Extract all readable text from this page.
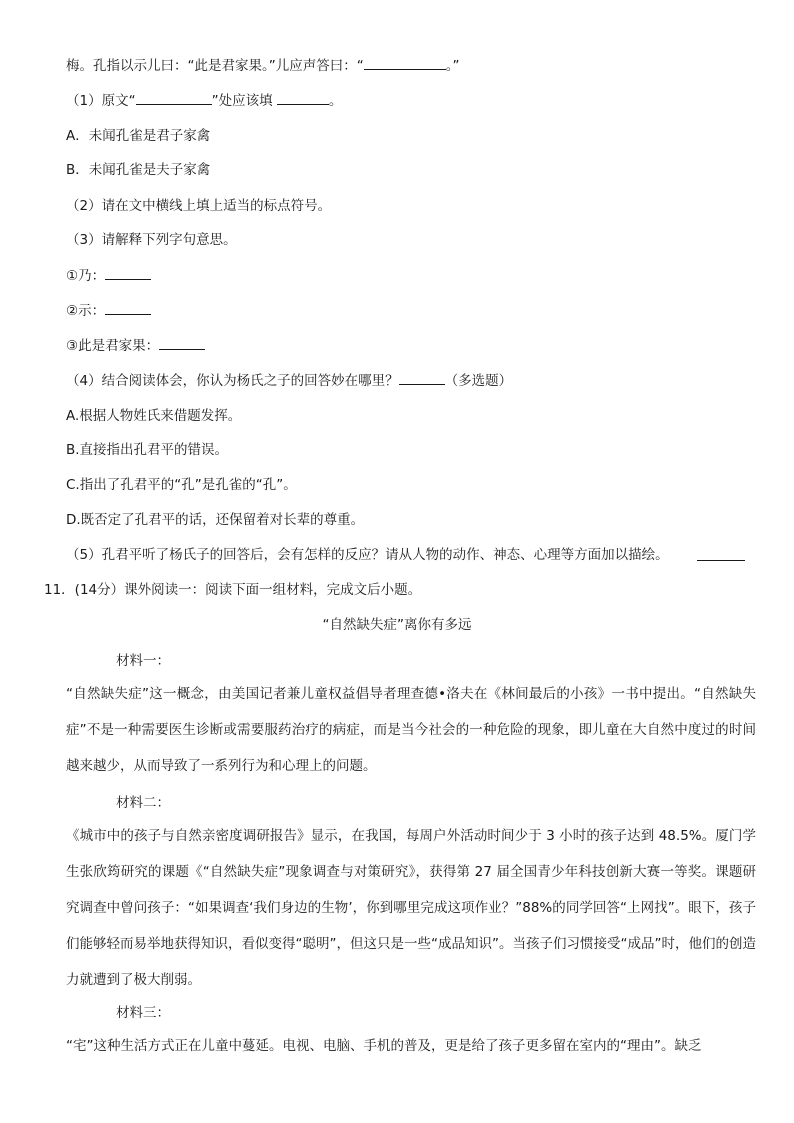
梅。孔指以示儿曰：“此是君家果。”儿应声答曰：“	。”
（1）原文“	”处应该填	。
A．未闻孔雀是君子家禽
B．未闻孔雀是夫子家禽
（2）请在文中横线上填上适当的标点符号。
（3）请解释下列字句意思。
①乃：
②示：
③此是君家果：
（4）结合阅读体会，你认为杨氏之子的回答妙在哪里？	（多选题）
A.根据人物姓氏来借题发挥。
B.直接指出孔君平的错误。
C.指出了孔君平的“孔”是孔雀的“孔”。
D.既否定了孔君平的话，还保留着对长辈的尊重。
（5）孔君平听了杨氏子的回答后，会有怎样的反应？请从人物的动作、神态、心理等方面加以描绘。
11．(14分）课外阅读一：阅读下面一组材料，完成文后小题。
“自然缺失症”离你有多远
材料一：

“自然缺失症”这一概念，由美国记者兼儿童权益倡导者理查德•洛夫在《林间最后的小孩》一书中提出。“自然缺失症”不是一种需要医生诊断或需要服药治疗的病症，而是当今社会的一种危险的现象，即儿童在大自然中度过的时间越来越少，从而导致了一系列行为和心理上的问题。

材料二：

《城市中的孩子与自然亲密度调研报告》显示，在我国，每周户外活动时间少于 3 小时的孩子达到 48.5%。厦门学生张欣筠研究的课题《“自然缺失症”现象调查与对策研究》，获得第 27 届全国青少年科技创新大赛一等奖。课题研究调查中曾问孩子：“如果调查‘我们身边的生物’，你到哪里完成这项作业？”88%的同学回答“上网找”。眼下，孩子们能够轻而易举地获得知识，看似变得“聪明”，但这只是一些“成品知识”。当孩子们习惯接受“成品”时，他们的创造力就遭到了极大削弱。

材料三：

“宅”这种生活方式正在儿童中蔓延。电视、电脑、手机的普及，更是给了孩子更多留在室内的“理由”。缺乏
